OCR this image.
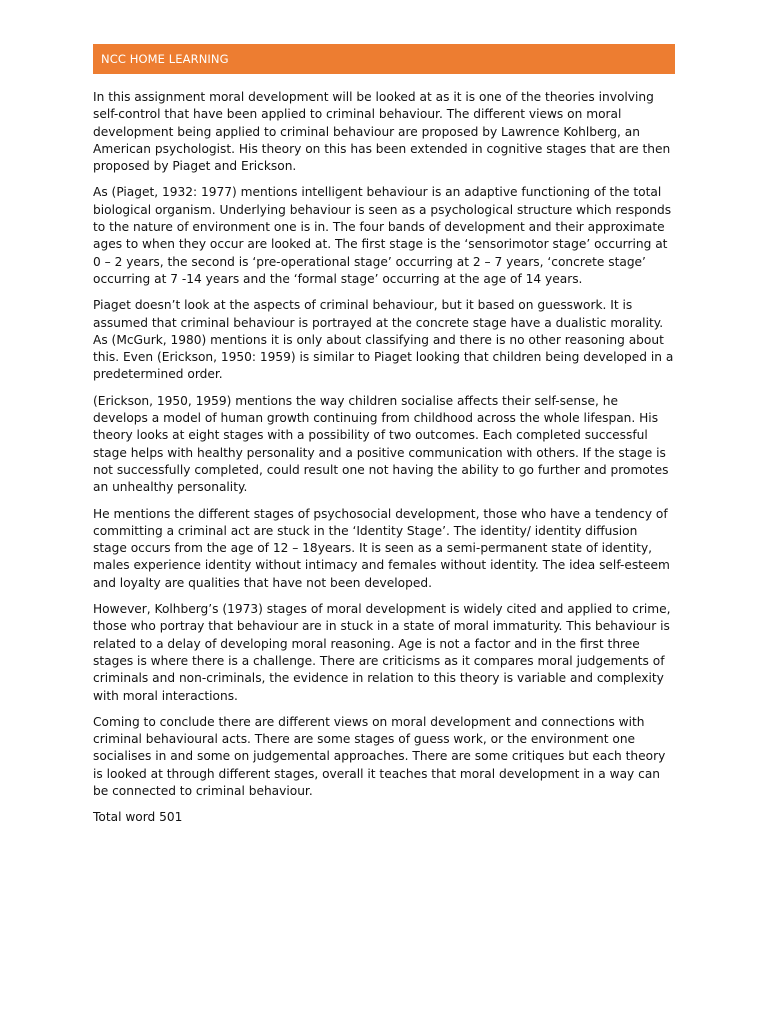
NCC HOME LEARNING

In this assignment moral development will be looked at as it is one of the theories involving self-control that have been applied to criminal behaviour. The different views on moral development being applied to criminal behaviour are proposed by Lawrence Kohlberg, an American psychologist. His theory on this has been extended in cognitive stages that are then proposed by Piaget and Erickson.

As (Piaget, 1932: 1977) mentions intelligent behaviour is an adaptive functioning of the total biological organism. Underlying behaviour is seen as a psychological structure which responds to the nature of environment one is in. The four bands of development and their approximate ages to when they occur are looked at. The first stage is the ‘sensorimotor stage’ occurring at 0 – 2 years, the second is ‘pre-operational stage’ occurring at 2 – 7 years, ‘concrete stage’ occurring at 7 -14 years and the ‘formal stage’ occurring at the age of 14 years.

Piaget doesn’t look at the aspects of criminal behaviour, but it based on guesswork. It is assumed that criminal behaviour is portrayed at the concrete stage have a dualistic morality. As (McGurk, 1980) mentions it is only about classifying and there is no other reasoning about this. Even (Erickson, 1950: 1959) is similar to Piaget looking that children being developed in a predetermined order.

(Erickson, 1950, 1959) mentions the way children socialise affects their self-sense, he develops a model of human growth continuing from childhood across the whole lifespan. His theory looks at eight stages with a possibility of two outcomes. Each completed successful stage helps with healthy personality and a positive communication with others. If the stage is not successfully completed, could result one not having the ability to go further and promotes an unhealthy personality.

He mentions the different stages of psychosocial development, those who have a tendency of committing a criminal act are stuck in the ‘Identity Stage’. The identity/ identity diffusion stage occurs from the age of 12 – 18years. It is seen as a semi-permanent state of identity, males experience identity without intimacy and females without identity. The idea self-esteem and loyalty are qualities that have not been developed.

However, Kolhberg’s (1973) stages of moral development is widely cited and applied to crime, those who portray that behaviour are in stuck in a state of moral immaturity. This behaviour is related to a delay of developing moral reasoning. Age is not a factor and in the first three stages is where there is a challenge. There are criticisms as it compares moral judgements of criminals and non-criminals, the evidence in relation to this theory is variable and complexity with moral interactions.

Coming to conclude there are different views on moral development and connections with criminal behavioural acts. There are some stages of guess work, or the environment one socialises in and some on judgemental approaches. There are some critiques but each theory is looked at through different stages, overall it teaches that moral development in a way can be connected to criminal behaviour.

Total word 501
